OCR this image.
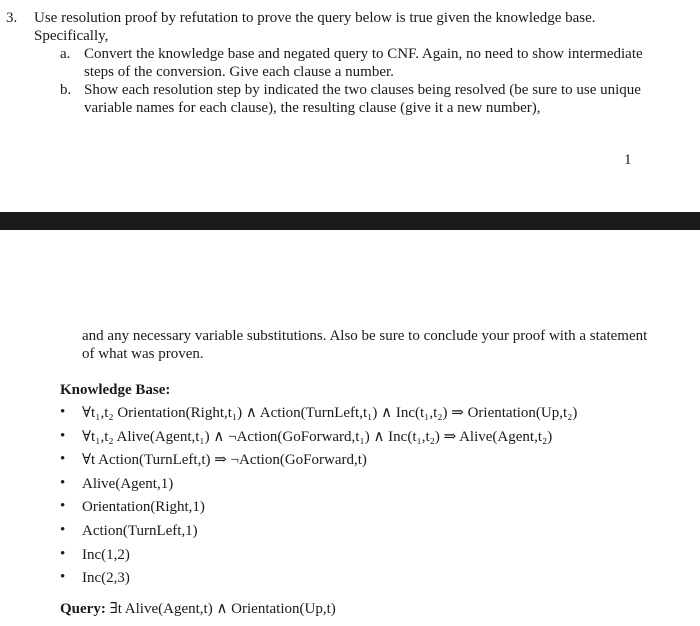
3. Use resolution proof by refutation to prove the query below is true given the knowledge base. Specifically,
a. Convert the knowledge base and negated query to CNF. Again, no need to show intermediate steps of the conversion. Give each clause a number.
b. Show each resolution step by indicated the two clauses being resolved (be sure to use unique variable names for each clause), the resulting clause (give it a new number),
1
and any necessary variable substitutions. Also be sure to conclude your proof with a statement of what was proven.
Knowledge Base:
• ∀t₁,t₂ Orientation(Right,t₁) ∧ Action(TurnLeft,t₁) ∧ Inc(t₁,t₂) ⇒ Orientation(Up,t₂)
• ∀t₁,t₂ Alive(Agent,t₁) ∧ ¬Action(GoForward,t₁) ∧ Inc(t₁,t₂) ⇒ Alive(Agent,t₂)
• ∀t Action(TurnLeft,t) ⇒ ¬Action(GoForward,t)
• Alive(Agent,1)
• Orientation(Right,1)
• Action(TurnLeft,1)
• Inc(1,2)
• Inc(2,3)
Query: ∃t Alive(Agent,t) ∧ Orientation(Up,t)
